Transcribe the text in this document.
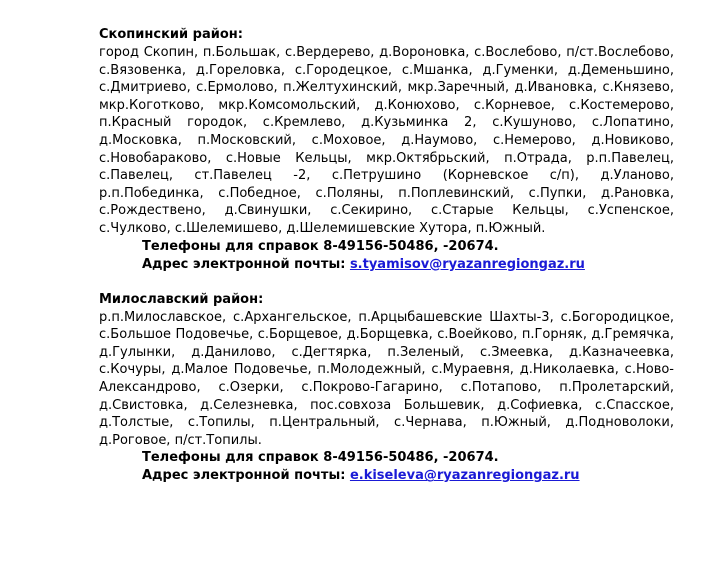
Скопинский район:

город Скопин, п.Большак, с.Вердерево, д.Вороновка, с.Вослебово, п/ст.Вослебово, с.Вязовенка, д.Гореловка, с.Городецкое, с.Мшанка, д.Гуменки, д.Деменьшино, с.Дмитриево, с.Ермолово, п.Желтухинский, мкр.Заречный, д.Ивановка, с.Князево, мкр.Коготково, мкр.Комсомольский, д.Конюхово, с.Корневое, с.Костемерово, п.Красный городок, с.Кремлево, д.Кузьминка 2, с.Кушуново, с.Лопатино, д.Московка, п.Московский, с.Моховое, д.Наумово, с.Немерово, д.Новиково, с.Новобараково, с.Новые Кельцы, мкр.Октябрьский, п.Отрада, р.п.Павелец, с.Павелец, ст.Павелец -2, с.Петрушино (Корневское с/п), д.Уланово, р.п.Побединка, с.Победное, с.Поляны, п.Поплевинский, с.Пупки, д.Рановка, с.Рождествено, д.Свинушки, с.Секирино, с.Старые Кельцы, с.Успенское, с.Чулково, с.Шелемишево, д.Шелемишевские Хутора, п.Южный.

Телефоны для справок 8-49156-50486, -20674.

Адрес электронной почты: s.tyamisov@ryazanregiongaz.ru

Милославский район:

р.п.Милославское, с.Архангельское, п.Арцыбашевские Шахты-3, с.Богородицкое, с.Большое Подовечье, с.Борщевое, д.Борщевка, с.Воейково, п.Горняк, д.Гремячка, д.Гулынки, д.Данилово, с.Дегтярка, п.Зеленый, с.Змеевка, д.Казначеевка, с.Кочуры, д.Малое Подовечье, п.Молодежный, с.Мураевня, д.Николаевка, с.Ново-Александрово, с.Озерки, с.Покрово-Гагарино, с.Потапово, п.Пролетарский, д.Свистовка, д.Селезневка, пос.совхоза Большевик, д.Софиевка, с.Спасское, д.Толстые, с.Топилы, п.Центральный, с.Чернава, п.Южный, д.Подноволоки, д.Роговое, п/ст.Топилы.

Телефоны для справок 8-49156-50486, -20674.

Адрес электронной почты: e.kiseleva@ryazanregiongaz.ru
